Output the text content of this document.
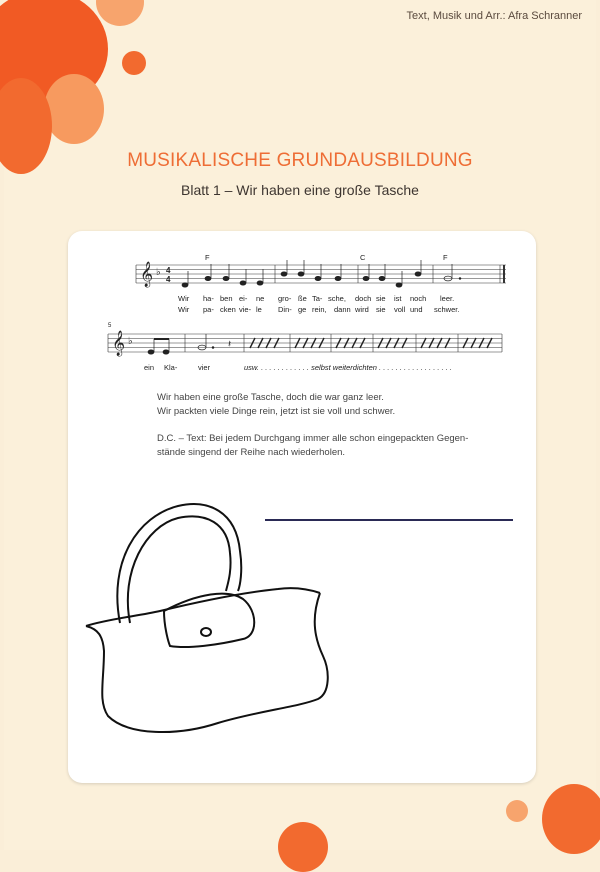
Text, Musik und Arr.: Afra Schranner
MUSIKALISCHE GRUNDAUSBILDUNG
Blatt 1 – Wir haben eine große Tasche
𝄞 ♭ 4
4
𝄞 ♭	𝄽
F	C	F
5
Wir ha- ben ei- ne gro- ße Ta- sche, doch sie ist noch leer.
Wir pa- cken vie- le Din- ge rein, dann wird sie voll und schwer.
ein Kla-	vier	usw. . . . . . . . . . . . . selbst weiterdichten . . . . . . . . . . . . . . . . . .
Wir haben eine große Tasche, doch die war ganz leer.
Wir packten viele Dinge rein, jetzt ist sie voll und schwer.
D.C. – Text: Bei jedem Durchgang immer alle schon eingepackten Gegen-
stände singend der Reihe nach wiederholen.
